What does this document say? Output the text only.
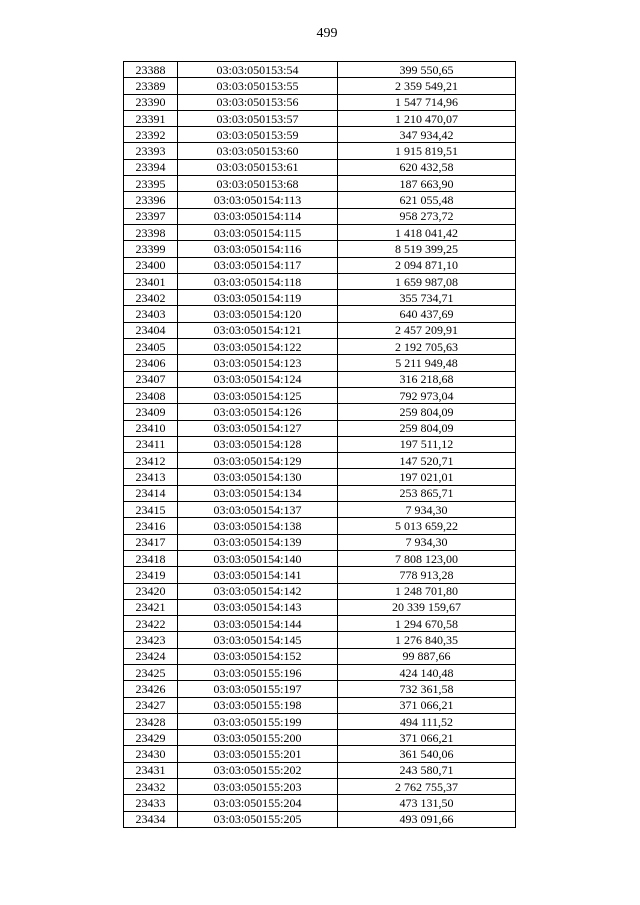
499
23388	03:03:050153:54	399 550,65
23389	03:03:050153:55	2 359 549,21
23390	03:03:050153:56	1 547 714,96
23391	03:03:050153:57	1 210 470,07
23392	03:03:050153:59	347 934,42
23393	03:03:050153:60	1 915 819,51
23394	03:03:050153:61	620 432,58
23395	03:03:050153:68	187 663,90
23396	03:03:050154:113	621 055,48
23397	03:03:050154:114	958 273,72
23398	03:03:050154:115	1 418 041,42
23399	03:03:050154:116	8 519 399,25
23400	03:03:050154:117	2 094 871,10
23401	03:03:050154:118	1 659 987,08
23402	03:03:050154:119	355 734,71
23403	03:03:050154:120	640 437,69
23404	03:03:050154:121	2 457 209,91
23405	03:03:050154:122	2 192 705,63
23406	03:03:050154:123	5 211 949,48
23407	03:03:050154:124	316 218,68
23408	03:03:050154:125	792 973,04
23409	03:03:050154:126	259 804,09
23410	03:03:050154:127	259 804,09
23411	03:03:050154:128	197 511,12
23412	03:03:050154:129	147 520,71
23413	03:03:050154:130	197 021,01
23414	03:03:050154:134	253 865,71
23415	03:03:050154:137	7 934,30
23416	03:03:050154:138	5 013 659,22
23417	03:03:050154:139	7 934,30
23418	03:03:050154:140	7 808 123,00
23419	03:03:050154:141	778 913,28
23420	03:03:050154:142	1 248 701,80
23421	03:03:050154:143	20 339 159,67
23422	03:03:050154:144	1 294 670,58
23423	03:03:050154:145	1 276 840,35
23424	03:03:050154:152	99 887,66
23425	03:03:050155:196	424 140,48
23426	03:03:050155:197	732 361,58
23427	03:03:050155:198	371 066,21
23428	03:03:050155:199	494 111,52
23429	03:03:050155:200	371 066,21
23430	03:03:050155:201	361 540,06
23431	03:03:050155:202	243 580,71
23432	03:03:050155:203	2 762 755,37
23433	03:03:050155:204	473 131,50
23434	03:03:050155:205	493 091,66
